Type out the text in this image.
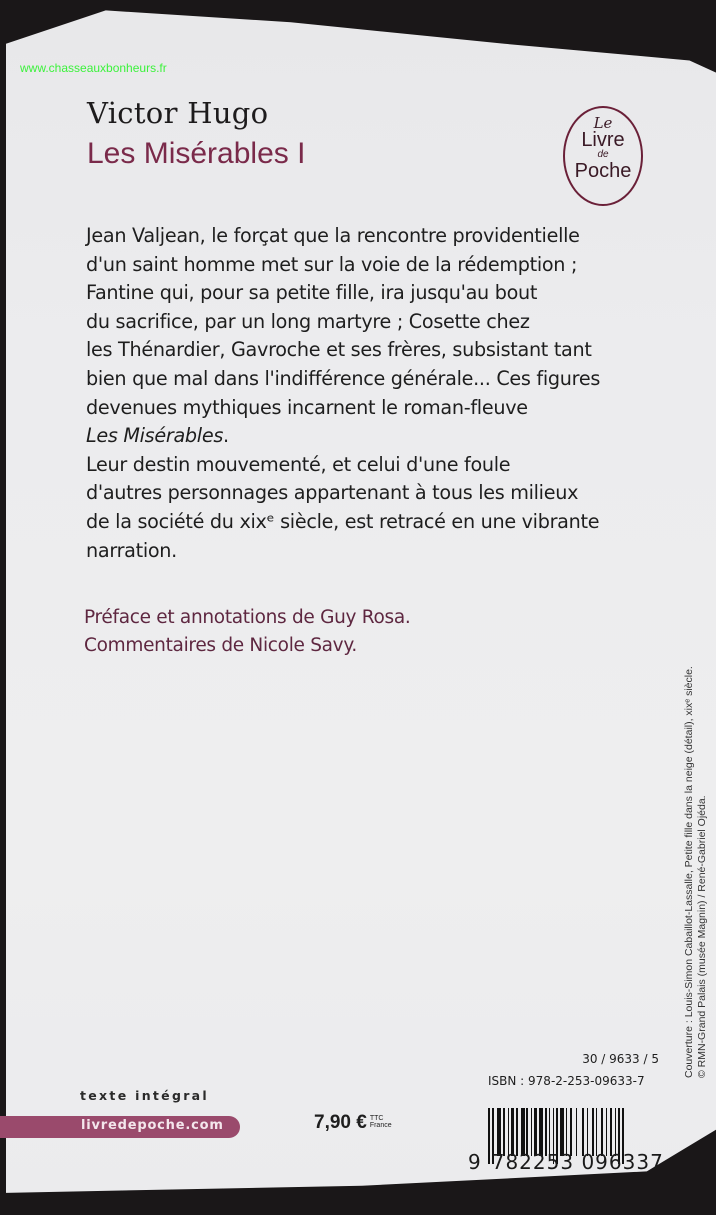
www.chasseauxbonheurs.fr
Victor Hugo
Les Misérables I
Le
Livre
de
Poche
Jean Valjean, le forçat que la rencontre providentielle
d'un saint homme met sur la voie de la rédemption ;
Fantine qui, pour sa petite fille, ira jusqu'au bout
du sacrifice, par un long martyre ; Cosette chez
les Thénardier, Gavroche et ses frères, subsistant tant
bien que mal dans l'indifférence générale... Ces figures
devenues mythiques incarnent le roman-fleuve
Les Misérables.
Leur destin mouvementé, et celui d'une foule
d'autres personnages appartenant à tous les milieux
de la société du xixᵉ siècle, est retracé en une vibrante
narration.
Préface et annotations de Guy Rosa.
Commentaires de Nicole Savy.
Couverture : Louis-Simon Cabaillot-Lassalle, Petite fille dans la neige (détail), xixᵉ siècle. © RMN-Grand Palais (musée Magnin) / René-Gabriel Ojéda.
texte intégral
livredepoche.com	7,90 € TTC
France
30 / 9633 / 5
ISBN : 978-2-253-09633-7
9 782253 096337
